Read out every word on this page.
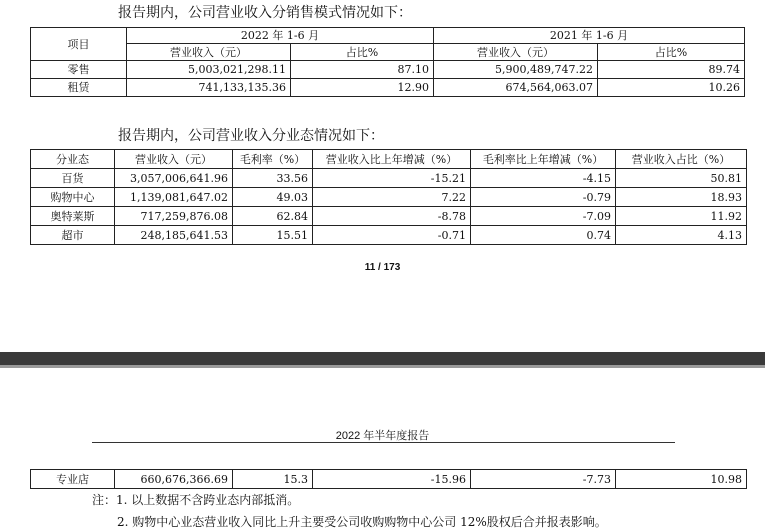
报告期内，公司营业收入分销售模式情况如下：
项目	2022 年 1-6 月		2021 年 1-6 月	
	营业收入（元）	占比%	营业收入（元）	占比%
零售	5,003,021,298.11	87.10	5,900,489,747.22	89.74
租赁	741,133,135.36	12.90	674,564,063.07	10.26
报告期内，公司营业收入分业态情况如下：
分业态	营业收入（元）	毛利率（%）	营业收入比上年增减（%）	毛利率比上年增减（%）	营业收入占比（%）
百货	3,057,006,641.96	33.56	-15.21	-4.15	50.81
购物中心	1,139,081,647.02	49.03	7.22	-0.79	18.93
奥特莱斯	717,259,876.08	62.84	-8.78	-7.09	11.92
超市	248,185,641.53	15.51	-0.71	0.74	4.13
11 / 173
2022 年半年度报告
专业店	660,676,366.69	15.3	-15.96	-7.73	10.98
注：1. 以上数据不含跨业态内部抵消。
2. 购物中心业态营业收入同比上升主要受公司收购购物中心公司 12%股权后合并报表影响。
